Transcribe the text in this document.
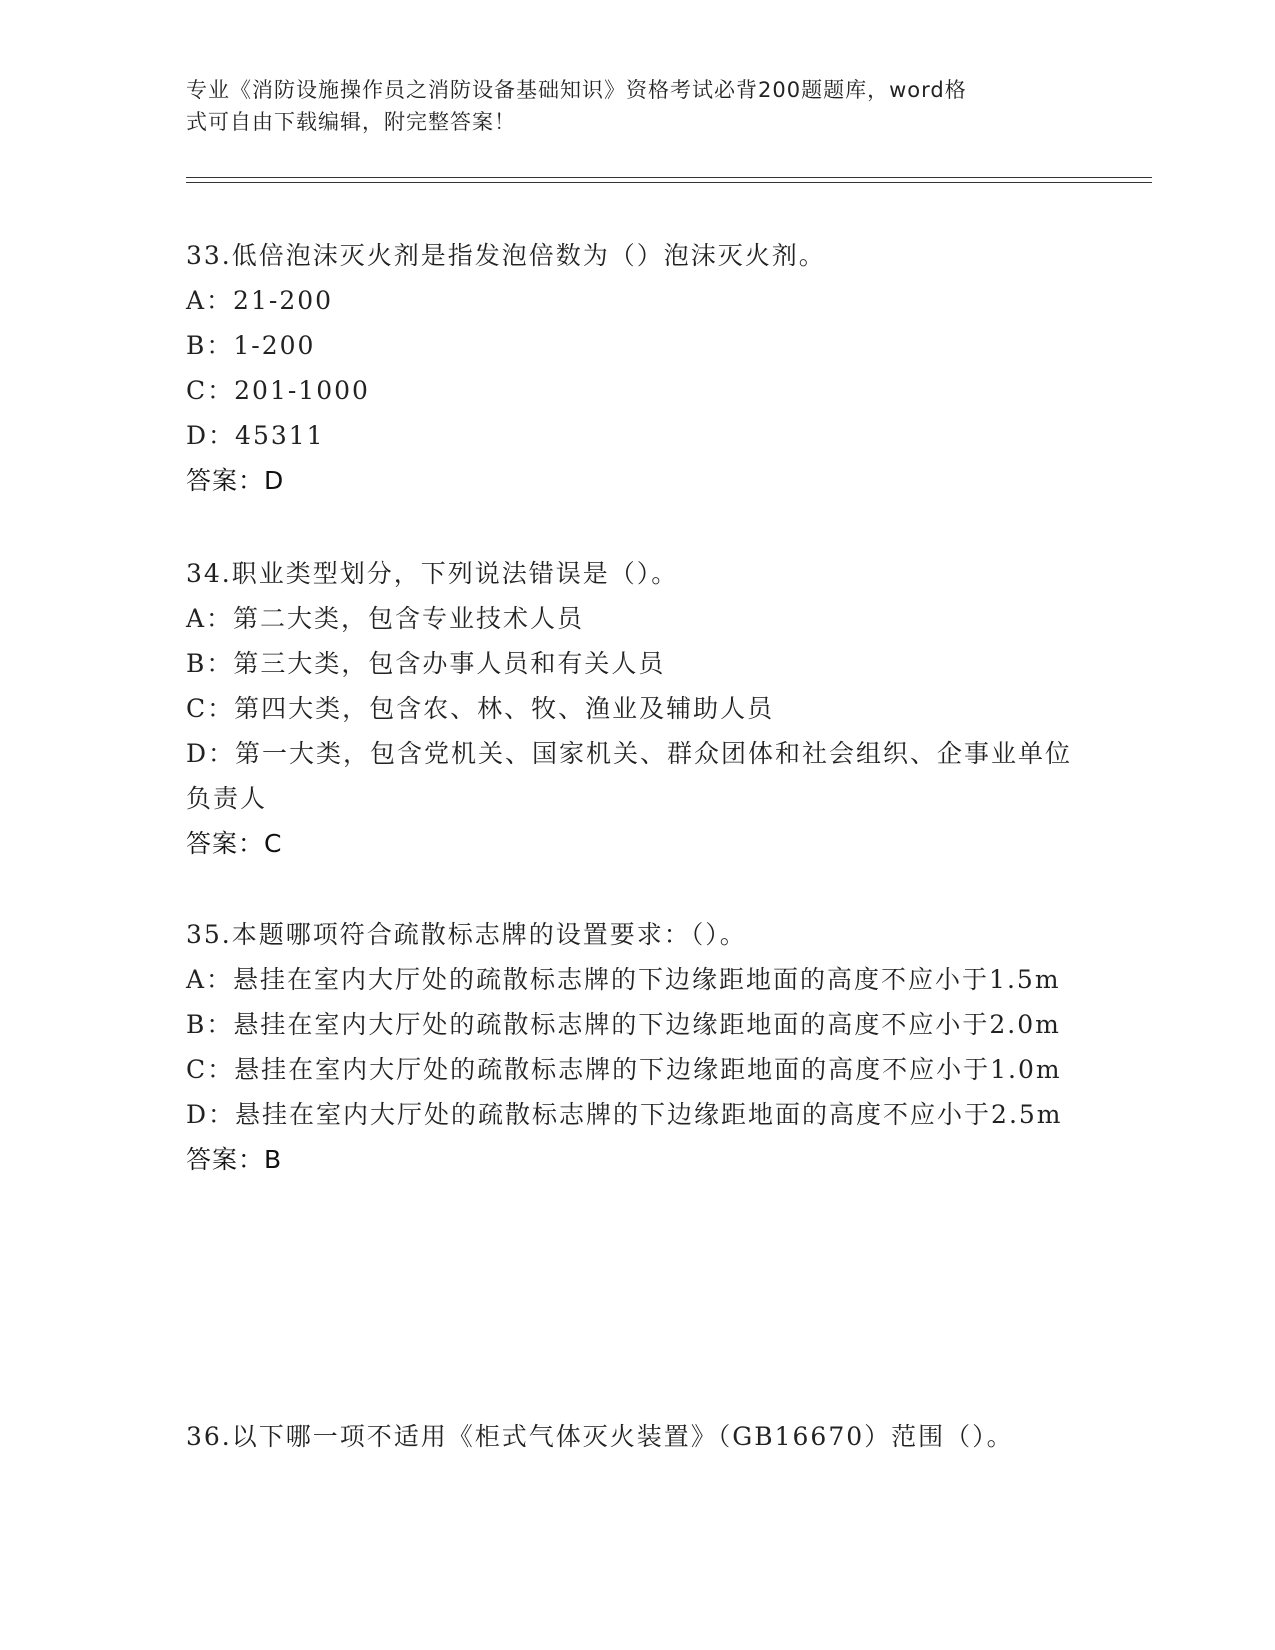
专业《消防设施操作员之消防设备基础知识》资格考试必背200题题库，word格
式可自由下载编辑，附完整答案！

33.低倍泡沫灭火剂是指发泡倍数为（）泡沫灭火剂。

A：21-200

B：1-200

C：201-1000

D：45311

答案：D

34.职业类型划分，下列说法错误是（）。

A：第二大类，包含专业技术人员

B：第三大类，包含办事人员和有关人员

C：第四大类，包含农、林、牧、渔业及辅助人员

D：第一大类，包含党机关、国家机关、群众团体和社会组织、企事业单位负责人

答案：C

35.本题哪项符合疏散标志牌的设置要求：（）。

A：悬挂在室内大厅处的疏散标志牌的下边缘距地面的高度不应小于1.5m

B：悬挂在室内大厅处的疏散标志牌的下边缘距地面的高度不应小于2.0m

C：悬挂在室内大厅处的疏散标志牌的下边缘距地面的高度不应小于1.0m

D：悬挂在室内大厅处的疏散标志牌的下边缘距地面的高度不应小于2.5m

答案：B

36.以下哪一项不适用《柜式气体灭火装置》（GB16670）范围（）。
